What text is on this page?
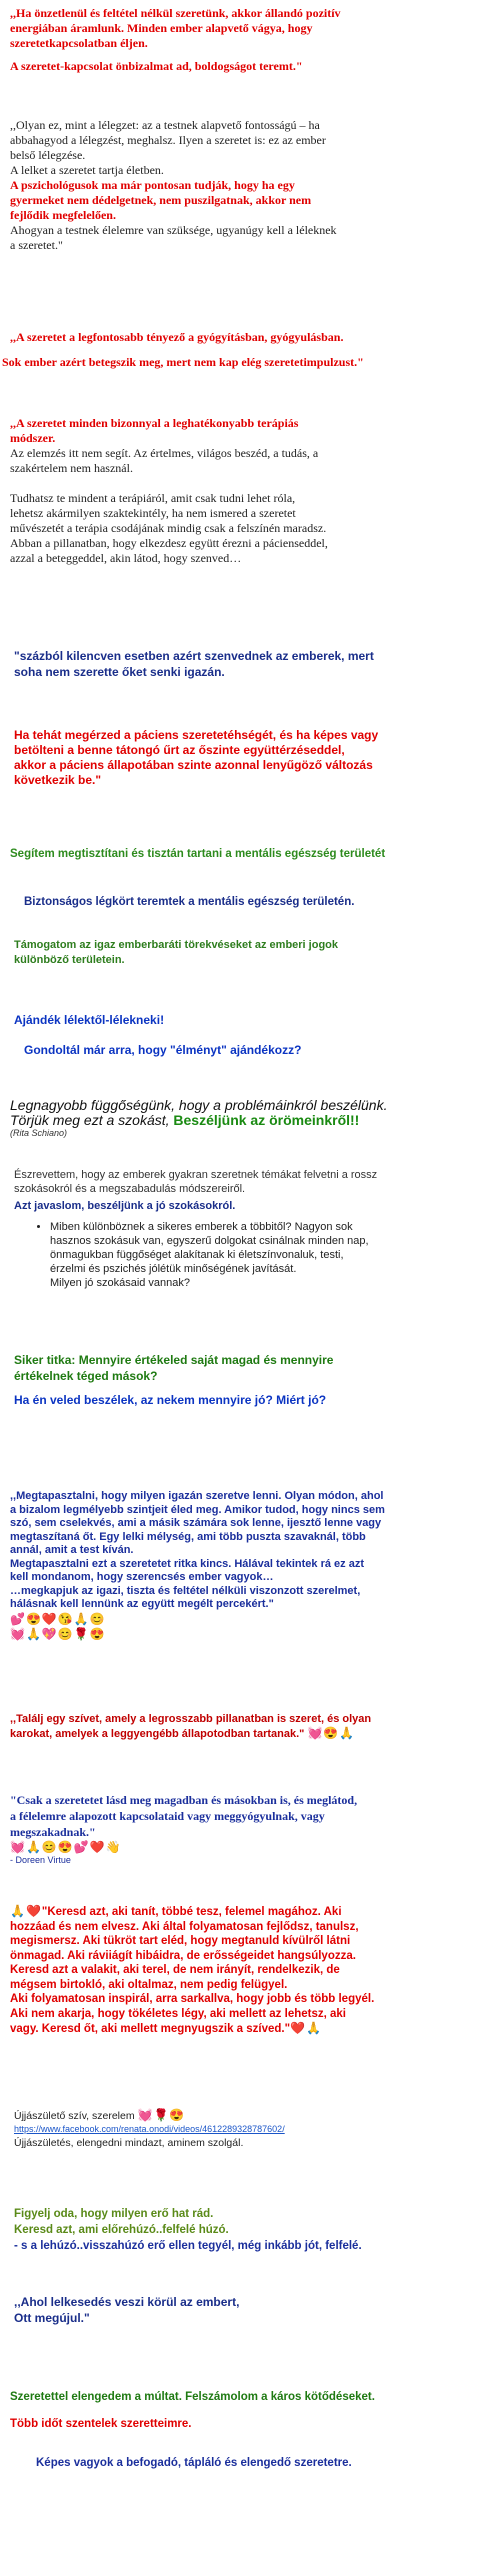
,,Ha önzetlenül és feltétel nélkül szeretünk, akkor állandó pozitív

energiában áramlunk. Minden ember alapvető vágya, hogy

szeretetkapcsolatban éljen.

A szeretet-kapcsolat önbizalmat ad, boldogságot teremt."

,,Olyan ez, mint a lélegzet: az a testnek alapvető fontosságú – ha

abbahagyod a lélegzést, meghalsz. Ilyen a szeretet is: ez az ember

belső lélegzése.

A lelket a szeretet tartja életben.

A pszichológusok ma már pontosan tudják, hogy ha egy

gyermeket nem dédelgetnek, nem puszilgatnak, akkor nem

fejlődik megfelelően.

Ahogyan a testnek élelemre van szüksége, ugyanúgy kell a léleknek

a szeretet."

,,A szeretet a legfontosabb tényező a gyógyításban, gyógyulásban.

Sok ember azért betegszik meg, mert nem kap elég szeretetimpulzust."

,,A szeretet minden bizonnyal a leghatékonyabb terápiás

módszer.

Az elemzés itt nem segít. Az értelmes, világos beszéd, a tudás, a

szakértelem nem használ.

Tudhatsz te mindent a terápiáról, amit csak tudni lehet róla,

lehetsz akármilyen szaktekintély, ha nem ismered a szeretet

művészetét a terápia csodájának mindig csak a felszínén maradsz.

Abban a pillanatban, hogy elkezdesz együtt érezni a pácienseddel,

azzal a beteggeddel, akin látod, hogy szenved…

"százból kilencven esetben azért szenvednek az emberek, mert

soha nem szerette őket senki igazán.

Ha tehát megérzed a páciens szeretetéhségét, és ha képes vagy

betölteni a benne tátongó űrt az őszinte együttérzéseddel,

akkor a páciens állapotában szinte azonnal lenyűgöző változás

következik be."

Segítem megtisztítani és tisztán tartani a mentális egészség területét

Biztonságos légkört teremtek a mentális egészség területén.

Támogatom az igaz emberbaráti törekvéseket az emberi jogok

különböző területein.

Ajándék lélektől-lélekneki!

Gondoltál már arra, hogy "élményt" ajándékozz?

Legnagyobb függőségünk, hogy a problémáinkról beszélünk.

Törjük meg ezt a szokást, Beszéljünk az örömeinkről!!

(Rita Schiano)

Észrevettem, hogy az emberek gyakran szeretnek témákat felvetni a rossz

szokásokról és a megszabadulás módszereiről.

Azt javaslom, beszéljünk a jó szokásokról.

• Miben különböznek a sikeres emberek a többitől? Nagyon sok
hasznos szokásuk van, egyszerű dolgokat csinálnak minden nap,
önmagukban függőséget alakítanak ki életszínvonaluk, testi,
érzelmi és pszichés jólétük minőségének javítását.
Milyen jó szokásaid vannak?

Siker titka: Mennyire értékeled saját magad és mennyire

értékelnek téged mások?

Ha én veled beszélek, az nekem mennyire jó? Miért jó?

,,Megtapasztalni, hogy milyen igazán szeretve lenni. Olyan módon, ahol

a bizalom legmélyebb szintjeit éled meg. Amikor tudod, hogy nincs sem

szó, sem cselekvés, ami a másik számára sok lenne, ijesztő lenne vagy

megtaszítaná őt. Egy lelki mélység, ami több puszta szavaknál, több

annál, amit a test kíván.

Megtapasztalni ezt a szeretetet ritka kincs. Hálával tekintek rá ez azt

kell mondanom, hogy szerencsés ember vagyok…

…megkapjuk az igazi, tiszta és feltétel nélküli viszonzott szerelmet,

hálásnak kell lennünk az együtt megélt percekért."

💕😍❤️😘🙏😊

💓🙏💖😊🌹😍

,,Találj egy szívet, amely a legrosszabb pillanatban is szeret, és olyan

karokat, amelyek a leggyengébb állapotodban tartanak." 💓😍🙏

"Csak a szeretetet lásd meg magadban és másokban is, és meglátod,

a félelemre alapozott kapcsolataid vagy meggyógyulnak, vagy

megszakadnak."

💓🙏😊😍💕❤️👋

- Doreen Virtue

🙏❤️"Keresd azt, aki tanít, többé tesz, felemel magához. Aki

hozzáad és nem elvesz. Aki által folyamatosan fejlődsz, tanulsz,

megismersz. Aki tükröt tart eléd, hogy megtanuld kívülről látni

önmagad. Aki ráviiágít hibáidra, de erősségeidet hangsúlyozza.

Keresd azt a valakit, aki terel, de nem irányít, rendelkezik, de

mégsem birtokló, aki oltalmaz, nem pedig felügyel.

Aki folyamatosan inspirál, arra sarkallva, hogy jobb és több legyél.

Aki nem akarja, hogy tökéletes légy, aki mellett az lehetsz, aki

vagy. Keresd őt, aki mellett megnyugszik a szíved."❤️🙏

Újjászülető szív, szerelem 💓🌹😍

https://www.facebook.com/renata.onodi/videos/4612289328787602/

Újjászületés, elengedni mindazt, aminem szolgál.

Figyelj oda, hogy milyen erő hat rád.

Keresd azt, ami előrehúzó..felfelé húzó.

- s a lehúzó..visszahúzó erő ellen tegyél, még inkább jót, felfelé.

,,Ahol lelkesedés veszi körül az embert,

Ott megújul."

Szeretettel elengedem a múltat. Felszámolom a káros kötődéseket.

Több időt szentelek szeretteimre.

Képes vagyok a befogadó, tápláló és elengedő szeretetre.
